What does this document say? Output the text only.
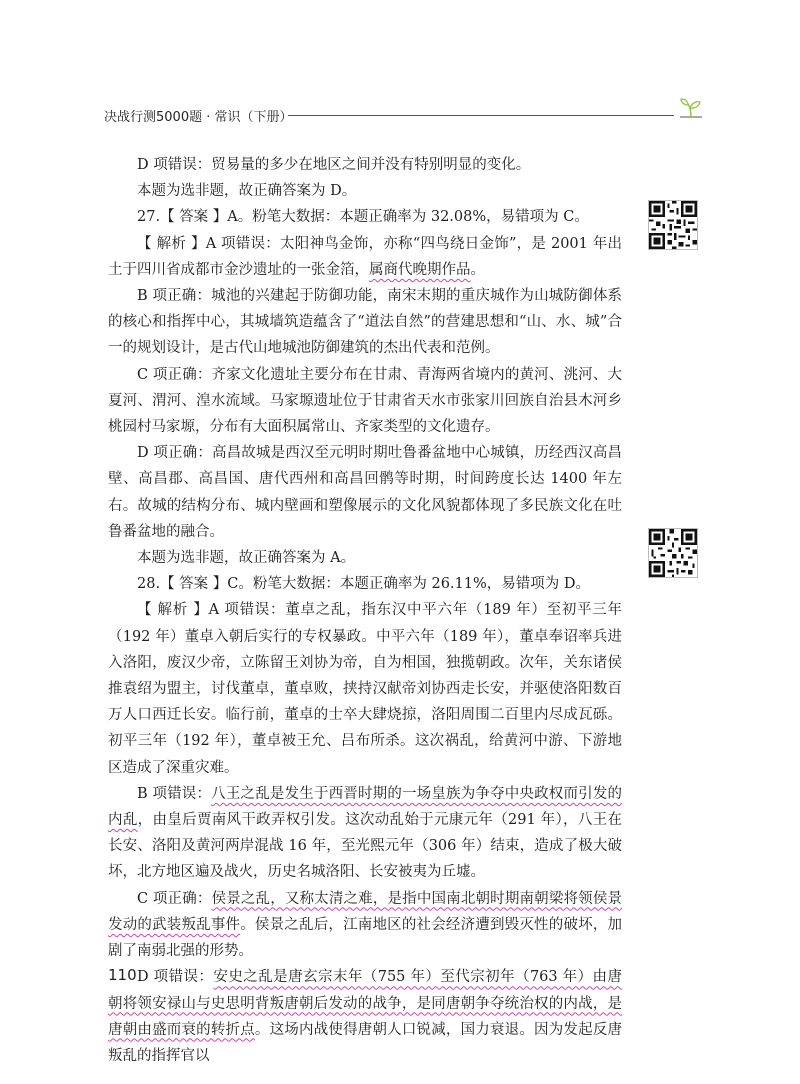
决战行测5000题 · 常识（下册）

D 项错误：贸易量的多少在地区之间并没有特别明显的变化。

本题为选非题，故正确答案为 D。

27.【 答案 】A。粉笔大数据：本题正确率为 32.08%，易错项为 C。

【 解析 】A 项错误：太阳神鸟金饰，亦称“四鸟绕日金饰”，是 2001 年出土于四川省成都市金沙遗址的一张金箔，属商代晚期作品。

B 项正确：城池的兴建起于防御功能，南宋末期的重庆城作为山城防御体系的核心和指挥中心，其城墙筑造蕴含了“道法自然”的营建思想和“山、水、城”合一的规划设计，是古代山地城池防御建筑的杰出代表和范例。

C 项正确：齐家文化遗址主要分布在甘肃、青海两省境内的黄河、洮河、大夏河、渭河、湟水流域。马家塬遗址位于甘肃省天水市张家川回族自治县木河乡桃园村马家塬，分布有大面积属常山、齐家类型的文化遗存。

D 项正确：高昌故城是西汉至元明时期吐鲁番盆地中心城镇，历经西汉高昌壁、高昌郡、高昌国、唐代西州和高昌回鹘等时期，时间跨度长达 1400 年左右。故城的结构分布、城内壁画和塑像展示的文化风貌都体现了多民族文化在吐鲁番盆地的融合。

本题为选非题，故正确答案为 A。

28.【 答案 】C。粉笔大数据：本题正确率为 26.11%，易错项为 D。

【 解析 】A 项错误：董卓之乱，指东汉中平六年（189 年）至初平三年（192 年）董卓入朝后实行的专权暴政。中平六年（189 年），董卓奉诏率兵进入洛阳，废汉少帝，立陈留王刘协为帝，自为相国，独揽朝政。次年，关东诸侯推袁绍为盟主，讨伐董卓，董卓败，挟持汉献帝刘协西走长安，并驱使洛阳数百万人口西迁长安。临行前，董卓的士卒大肆烧掠，洛阳周围二百里内尽成瓦砾。初平三年（192 年），董卓被王允、吕布所杀。这次祸乱，给黄河中游、下游地区造成了深重灾难。

B 项错误：八王之乱是发生于西晋时期的一场皇族为争夺中央政权而引发的内乱，由皇后贾南风干政弄权引发。这次动乱始于元康元年（291 年），八王在长安、洛阳及黄河两岸混战 16 年，至光熙元年（306 年）结束，造成了极大破坏，北方地区遍及战火，历史名城洛阳、长安被夷为丘墟。

C 项正确：侯景之乱，又称太清之难，是指中国南北朝时期南朝梁将领侯景发动的武装叛乱事件。侯景之乱后，江南地区的社会经济遭到毁灭性的破坏，加剧了南弱北强的形势。

D 项错误：安史之乱是唐玄宗末年（755 年）至代宗初年（763 年）由唐朝将领安禄山与史思明背叛唐朝后发动的战争，是同唐朝争夺统治权的内战，是唐朝由盛而衰的转折点。这场内战使得唐朝人口锐减，国力衰退。因为发起反唐叛乱的指挥官以

110
